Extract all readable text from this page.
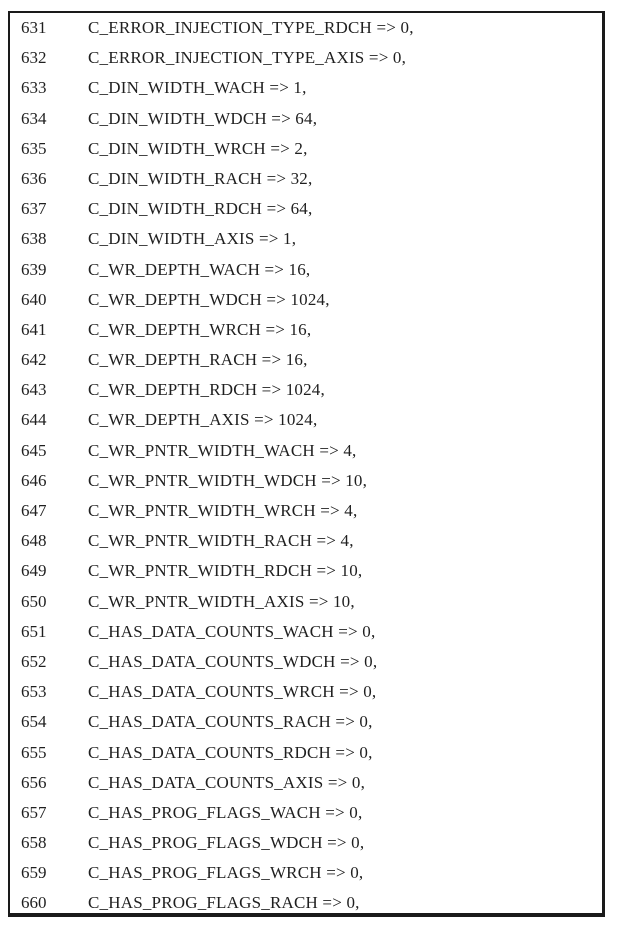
631	C_ERROR_INJECTION_TYPE_RDCH => 0,
632	C_ERROR_INJECTION_TYPE_AXIS => 0,
633	C_DIN_WIDTH_WACH => 1,
634	C_DIN_WIDTH_WDCH => 64,
635	C_DIN_WIDTH_WRCH => 2,
636	C_DIN_WIDTH_RACH => 32,
637	C_DIN_WIDTH_RDCH => 64,
638	C_DIN_WIDTH_AXIS => 1,
639	C_WR_DEPTH_WACH => 16,
640	C_WR_DEPTH_WDCH => 1024,
641	C_WR_DEPTH_WRCH => 16,
642	C_WR_DEPTH_RACH => 16,
643	C_WR_DEPTH_RDCH => 1024,
644	C_WR_DEPTH_AXIS => 1024,
645	C_WR_PNTR_WIDTH_WACH => 4,
646	C_WR_PNTR_WIDTH_WDCH => 10,
647	C_WR_PNTR_WIDTH_WRCH => 4,
648	C_WR_PNTR_WIDTH_RACH => 4,
649	C_WR_PNTR_WIDTH_RDCH => 10,
650	C_WR_PNTR_WIDTH_AXIS => 10,
651	C_HAS_DATA_COUNTS_WACH => 0,
652	C_HAS_DATA_COUNTS_WDCH => 0,
653	C_HAS_DATA_COUNTS_WRCH => 0,
654	C_HAS_DATA_COUNTS_RACH => 0,
655	C_HAS_DATA_COUNTS_RDCH => 0,
656	C_HAS_DATA_COUNTS_AXIS => 0,
657	C_HAS_PROG_FLAGS_WACH => 0,
658	C_HAS_PROG_FLAGS_WDCH => 0,
659	C_HAS_PROG_FLAGS_WRCH => 0,
660	C_HAS_PROG_FLAGS_RACH => 0,
